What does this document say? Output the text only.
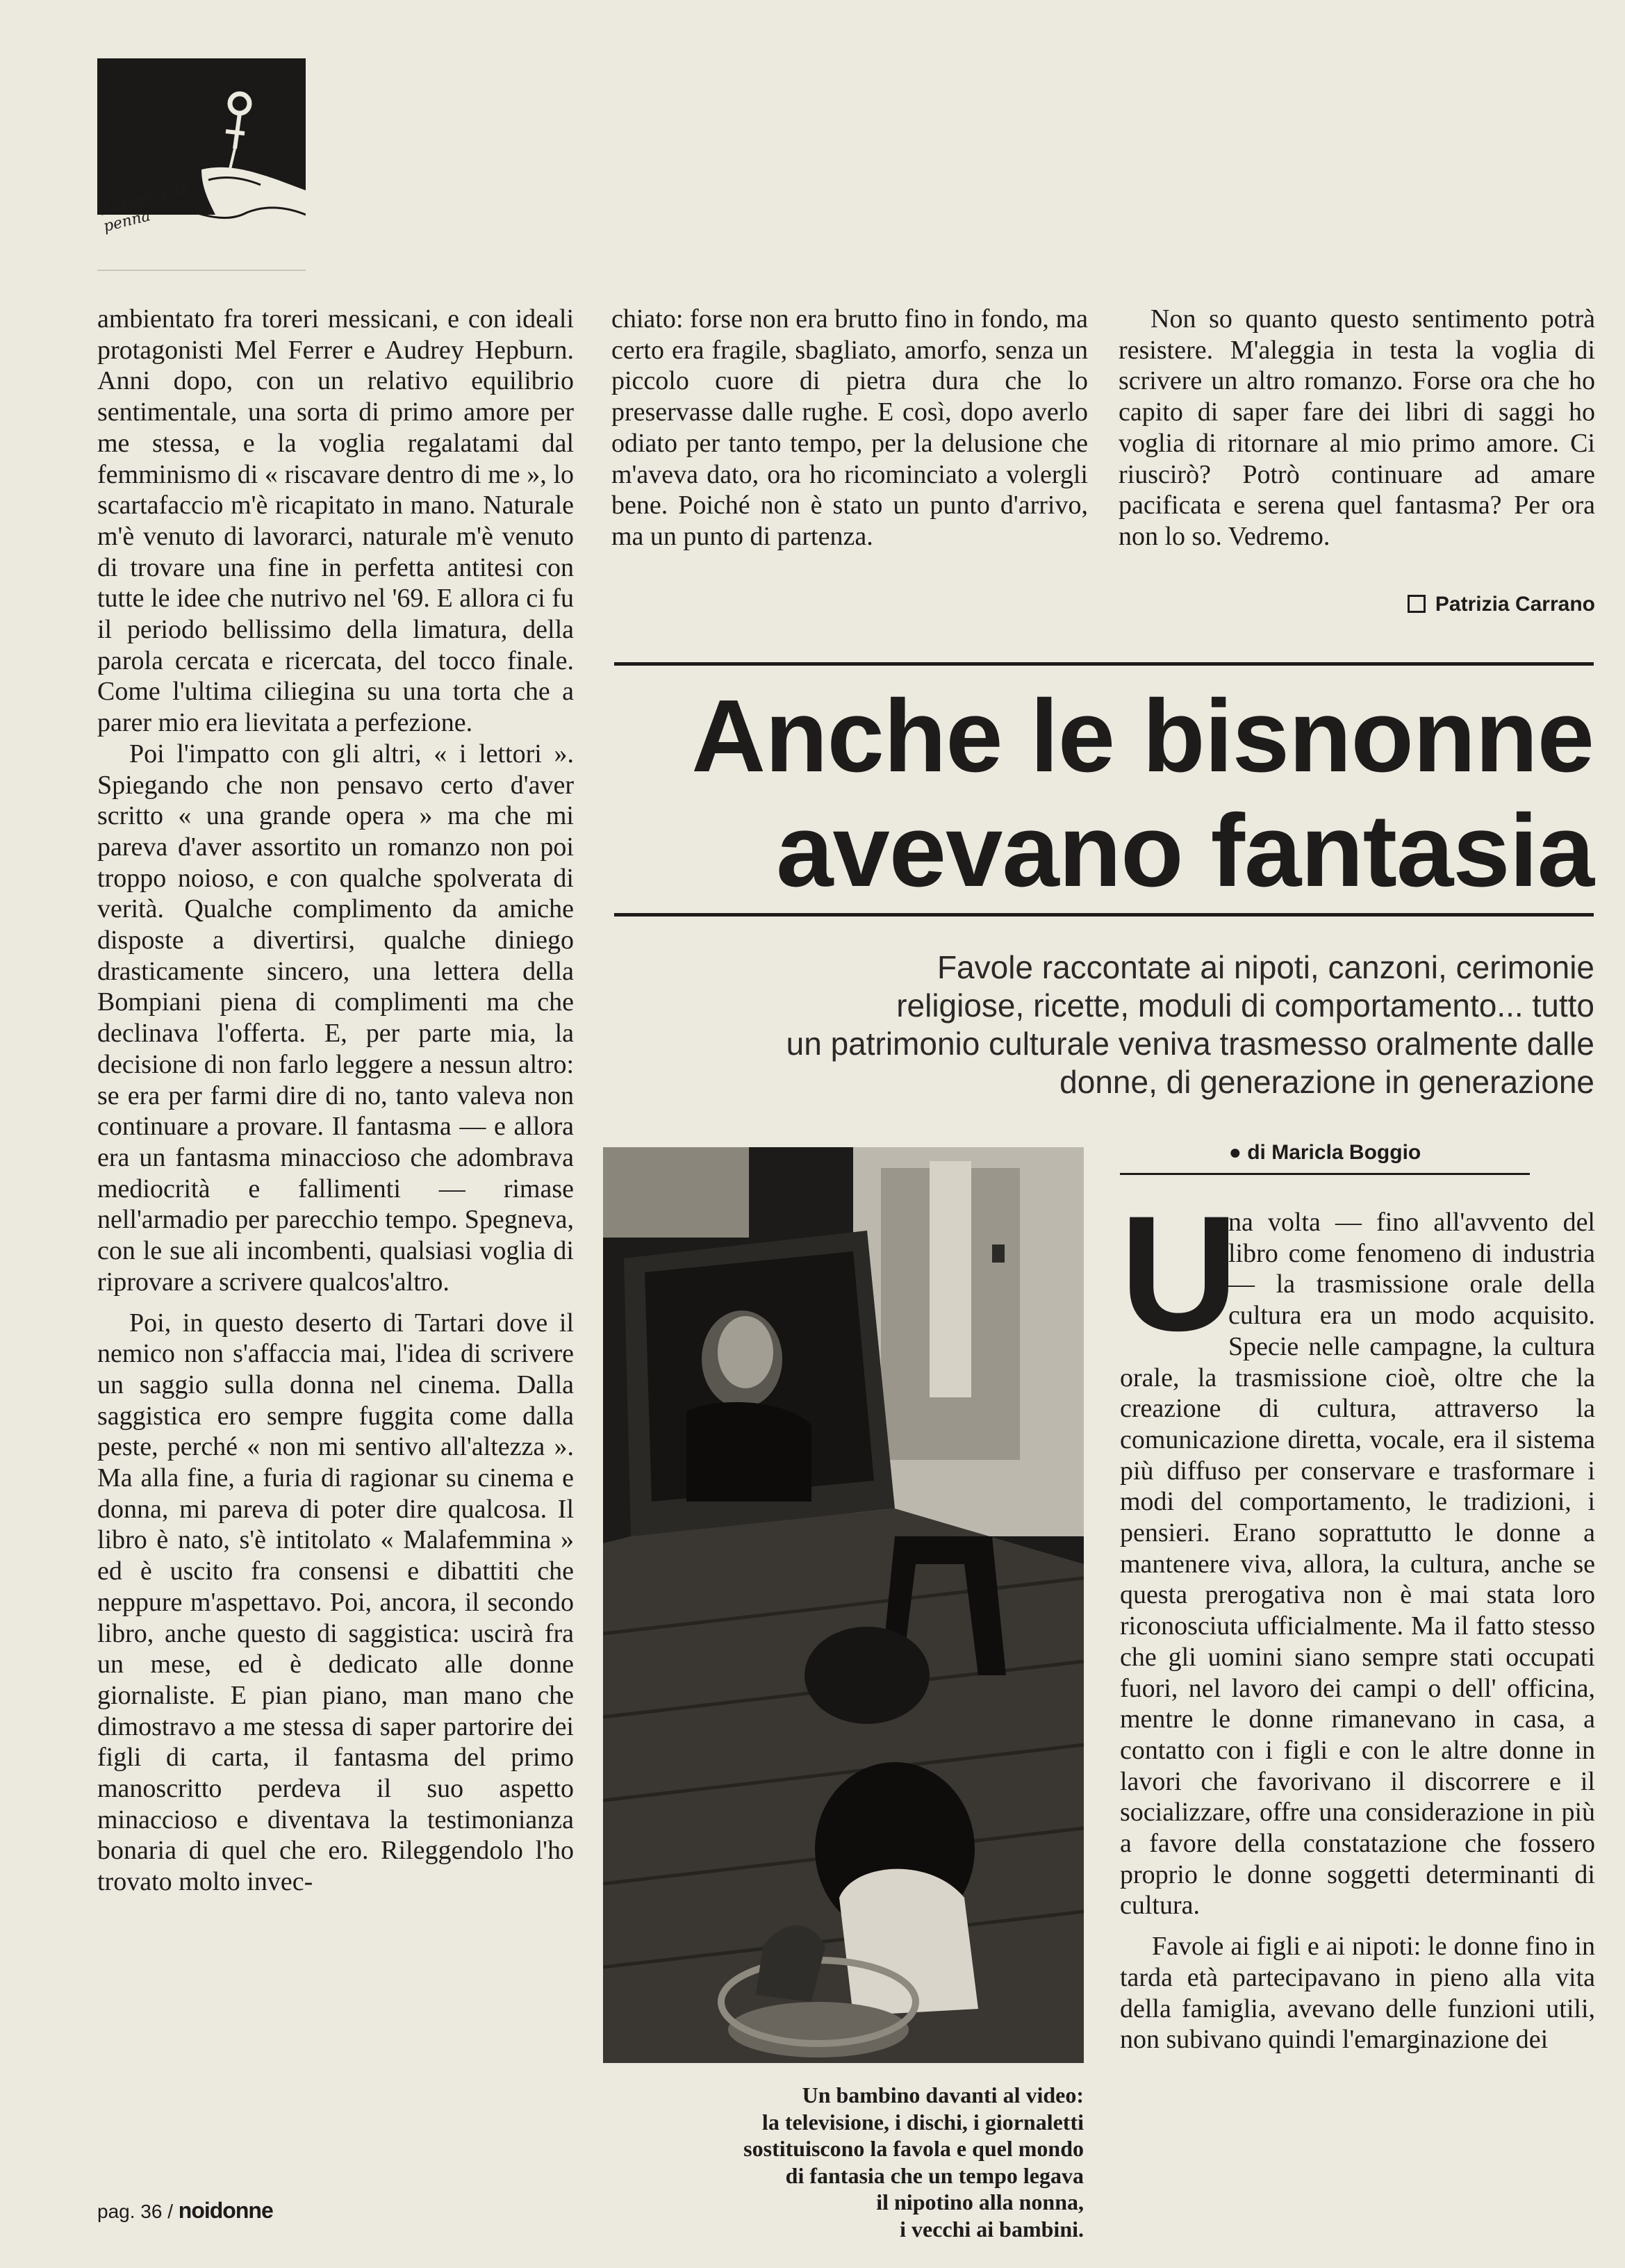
il cuore e la penna

ambientato fra toreri messicani, e con ideali protagonisti Mel Ferrer e Audrey Hepburn. Anni dopo, con un relativo equilibrio sentimentale, una sorta di primo amore per me stessa, e la voglia regalatami dal femminismo di « riscavare dentro di me », lo scartafaccio m'è ricapitato in mano. Naturale m'è venuto di lavorarci, naturale m'è venuto di trovare una fine in perfetta antitesi con tutte le idee che nutrivo nel '69. E allora ci fu il periodo bellissimo della limatura, della parola cercata e ricercata, del tocco finale. Come l'ultima ciliegina su una torta che a parer mio era lievitata a perfezione.

Poi l'impatto con gli altri, « i lettori ». Spiegando che non pensavo certo d'aver scritto « una grande opera » ma che mi pareva d'aver assortito un romanzo non poi troppo noioso, e con qualche spolverata di verità. Qualche complimento da amiche disposte a divertirsi, qualche diniego drasticamente sincero, una lettera della Bompiani piena di complimenti ma che declinava l'offerta. E, per parte mia, la decisione di non farlo leggere a nessun altro: se era per farmi dire di no, tanto valeva non continuare a provare. Il fantasma — e allora era un fantasma minaccioso che adombrava mediocrità e fallimenti — rimase nell'armadio per parecchio tempo. Spegneva, con le sue ali incombenti, qualsiasi voglia di riprovare a scrivere qualcos'altro.

Poi, in questo deserto di Tartari dove il nemico non s'affaccia mai, l'idea di scrivere un saggio sulla donna nel cinema. Dalla saggistica ero sempre fuggita come dalla peste, perché « non mi sentivo all'altezza ». Ma alla fine, a furia di ragionar su cinema e donna, mi pareva di poter dire qualcosa. Il libro è nato, s'è intitolato « Malafemmina » ed è uscito fra consensi e dibattiti che neppure m'aspettavo. Poi, ancora, il secondo libro, anche questo di saggistica: uscirà fra un mese, ed è dedicato alle donne giornaliste. E pian piano, man mano che dimostravo a me stessa di saper partorire dei figli di carta, il fantasma del primo manoscritto perdeva il suo aspetto minaccioso e diventava la testimonianza bonaria di quel che ero. Rileggendolo l'ho trovato molto invec-

chiato: forse non era brutto fino in fondo, ma certo era fragile, sbagliato, amorfo, senza un piccolo cuore di pietra dura che lo preservasse dalle rughe. E così, dopo averlo odiato per tanto tempo, per la delusione che m'aveva dato, ora ho ricominciato a volergli bene. Poiché non è stato un punto d'arrivo, ma un punto di partenza.

Non so quanto questo sentimento potrà resistere. M'aleggia in testa la voglia di scrivere un altro romanzo. Forse ora che ho capito di saper fare dei libri di saggi ho voglia di ritornare al mio primo amore. Ci riuscirò? Potrò continuare ad amare pacificata e serena quel fantasma? Per ora non lo so. Vedremo.

Patrizia Carrano
Anche le bisnonne
avevano fantasia
Favole raccontate ai nipoti, canzoni, cerimonie
religiose, ricette, moduli di comportamento... tutto
un patrimonio culturale veniva trasmesso oralmente dalle
donne, di generazione in generazione
Un bambino davanti al video:
la televisione, i dischi, i giornaletti
sostituiscono la favola e quel mondo
di fantasia che un tempo legava
il nipotino alla nonna,
i vecchi ai bambini.
● di Maricla Boggio

U
na volta — fino all'avvento del libro come fenomeno di industria — la trasmissione orale della cultura era un modo acquisito. Specie nelle campagne, la cultura orale, la trasmissione cioè, oltre che la creazione di cultura, attraverso la comunicazione diretta, vocale, era il sistema più diffuso per conservare e trasformare i modi del comportamento, le tradizioni, i pensieri. Erano soprattutto le donne a mantenere viva, allora, la cultura, anche se questa prerogativa non è mai stata loro riconosciuta ufficialmente. Ma il fatto stesso che gli uomini siano sempre stati occupati fuori, nel lavoro dei campi o dell' officina, mentre le donne rimanevano in casa, a contatto con i figli e con le altre donne in lavori che favorivano il discorrere e il socializzare, offre una considerazione in più a favore della constatazione che fossero proprio le donne soggetti determinanti di cultura.

Favole ai figli e ai nipoti: le donne fino in tarda età partecipavano in pieno alla vita della famiglia, avevano delle funzioni utili, non subivano quindi l'emarginazione dei

pag. 36 / noidonne
